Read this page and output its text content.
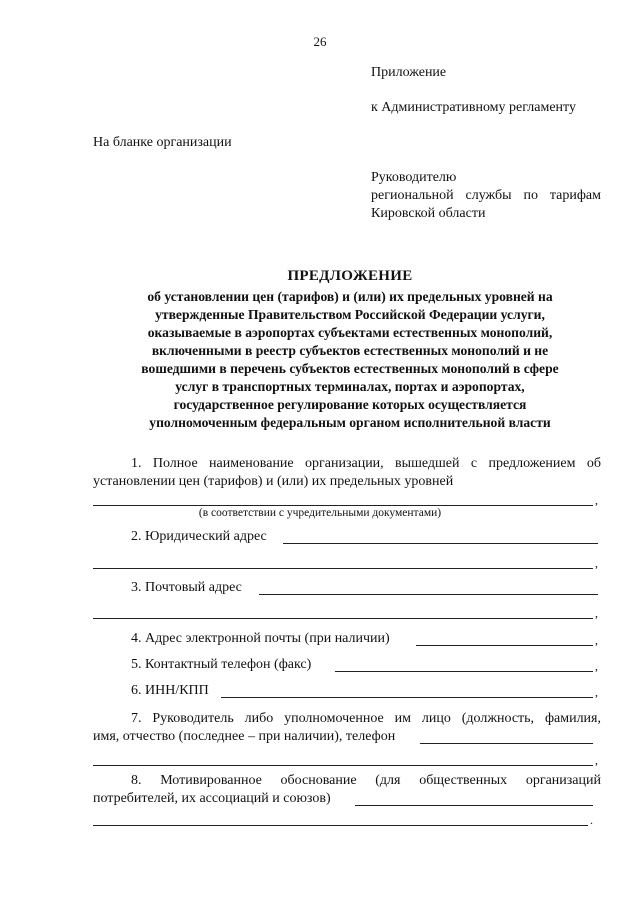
26
Приложение
к Административному регламенту
На бланке организации
Руководителю
региональной службы по тарифам
Кировской области
ПРЕДЛОЖЕНИЕ
об установлении цен (тарифов) и (или) их предельных уровней на
утвержденные Правительством Российской Федерации услуги,
оказываемые в аэропортах субъектами естественных монополий,
включенными в реестр субъектов естественных монополий и не
вошедшими в перечень субъектов естественных монополий в сфере
услуг в транспортных терминалах, портах и аэропортах,
государственное регулирование которых осуществляется
уполномоченным федеральным органом исполнительной власти
1. Полное наименование организации, вышедшей с предложением об
установлении цен (тарифов) и (или) их предельных уровней
,
(в соответствии с учредительными документами)
2. Юридический адрес
,
3. Почтовый адрес
,
4. Адрес электронной почты (при наличии)	,
5. Контактный телефон (факс)	,
6. ИНН/КПП	,
7. Руководитель либо уполномоченное им лицо (должность, фамилия,
имя, отчество (последнее – при наличии), телефон
,
8. Мотивированное обоснование (для общественных организаций
потребителей, их ассоциаций и союзов)
.
